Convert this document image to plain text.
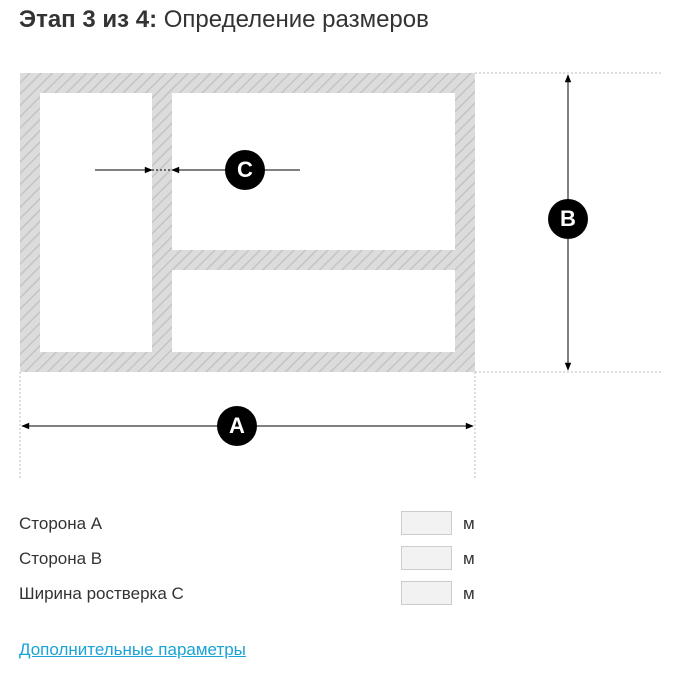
Этап 3 из 4: Определение размеров
A
B
C
Сторона A	м
Сторона B	м
Ширина ростверка C	м
Дополнительные параметры
